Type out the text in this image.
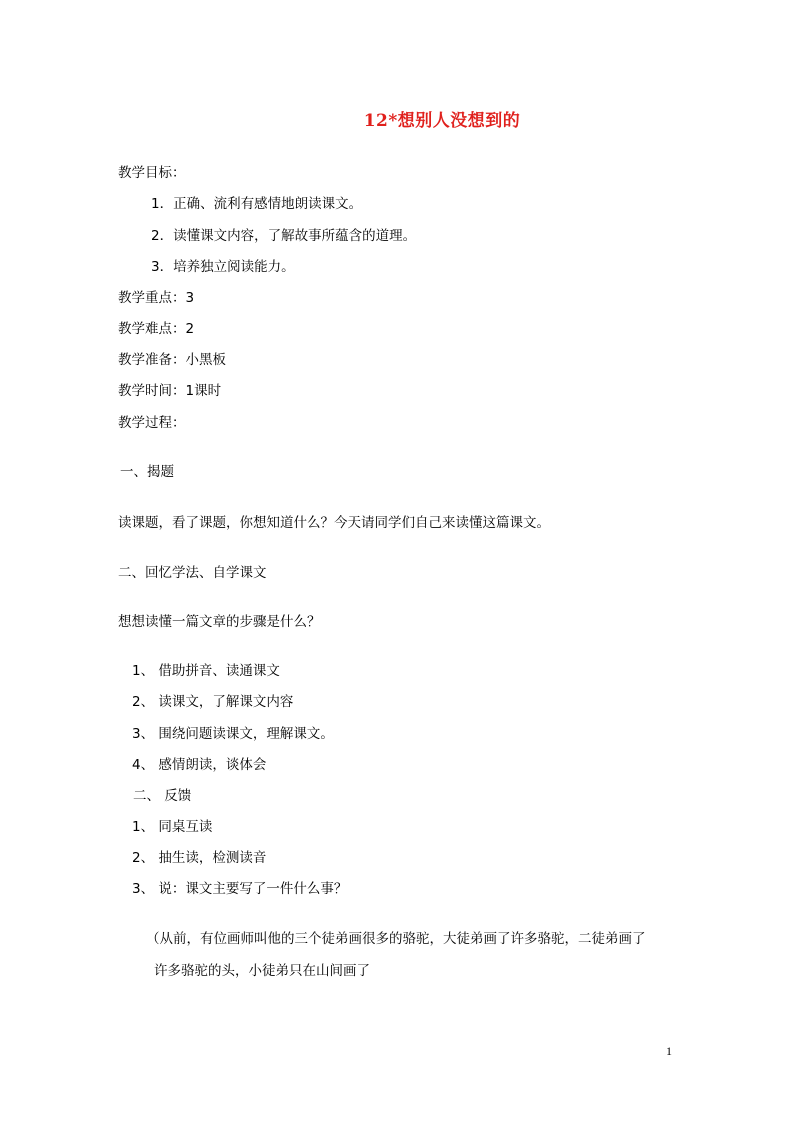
12*想别人没想到的
教学目标：
1．正确、流利有感情地朗读课文。
2．读懂课文内容，了解故事所蕴含的道理。
3．培养独立阅读能力。
教学重点：3
教学难点：2
教学准备：小黑板
教学时间：1课时
教学过程：
一、揭题
读课题，看了课题，你想知道什么？今天请同学们自己来读懂这篇课文。
二、回忆学法、自学课文
想想读懂一篇文章的步骤是什么？
1、 借助拼音、读通课文
2、 读课文，了解课文内容
3、 围绕问题读课文，理解课文。
4、 感情朗读，谈体会
二、 反馈
1、 同桌互读
2、 抽生读，检测读音
3、 说：课文主要写了一件什么事？
（从前，有位画师叫他的三个徒弟画很多的骆驼，大徒弟画了许多骆驼，二徒弟画了
许多骆驼的头，小徒弟只在山间画了
1
